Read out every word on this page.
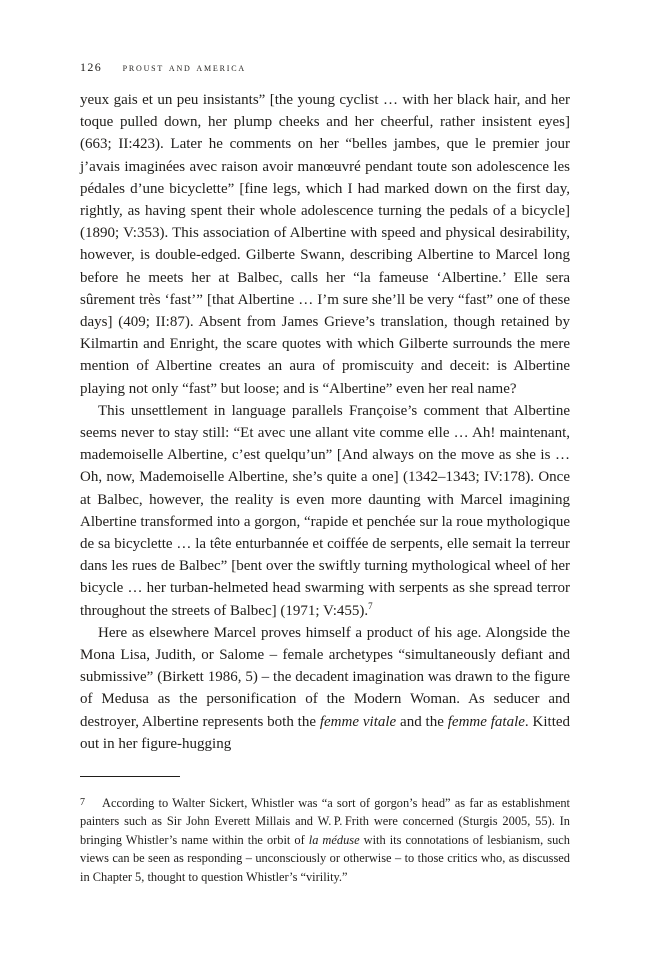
126 proust and america

yeux gais et un peu insistants” [the young cyclist … with her black hair, and her toque pulled down, her plump cheeks and her cheerful, rather insistent eyes] (663; II:423). Later he comments on her “belles jambes, que le premier jour j’avais imaginées avec raison avoir manœuvré pendant toute son adolescence les pédales d’une bicyclette” [fine legs, which I had marked down on the first day, rightly, as having spent their whole adolescence turning the pedals of a bicycle] (1890; V:353). This association of Albertine with speed and physical desirability, however, is double-edged. Gilberte Swann, describing Albertine to Marcel long before he meets her at Balbec, calls her “la fameuse ‘Albertine.’ Elle sera sûrement très ‘fast’” [that Albertine … I’m sure she’ll be very “fast” one of these days] (409; II:87). Absent from James Grieve’s translation, though retained by Kilmartin and Enright, the scare quotes with which Gilberte surrounds the mere mention of Albertine creates an aura of promiscuity and deceit: is Albertine playing not only “fast” but loose; and is “Albertine” even her real name?

This unsettlement in language parallels Françoise’s comment that Albertine seems never to stay still: “Et avec une allant vite comme elle … Ah! maintenant, mademoiselle Albertine, c’est quelqu’un” [And always on the move as she is … Oh, now, Mademoiselle Albertine, she’s quite a one] (1342–1343; IV:178). Once at Balbec, however, the reality is even more daunting with Marcel imagining Albertine transformed into a gorgon, “rapide et penchée sur la roue mythologique de sa bicyclette … la tête enturbannée et coiffée de serpents, elle semait la terreur dans les rues de Balbec” [bent over the swiftly turning mythological wheel of her bicycle … her turban-helmeted head swarming with serpents as she spread terror throughout the streets of Balbec] (1971; V:455).$^7$

Here as elsewhere Marcel proves himself a product of his age. Alongside the Mona Lisa, Judith, or Salome – female archetypes “simultaneously defiant and submissive” (Birkett 1986, 5) – the decadent imagination was drawn to the figure of Medusa as the personification of the Modern Woman. As seducer and destroyer, Albertine represents both the femme vitale and the femme fatale. Kitted out in her figure-hugging

7 According to Walter Sickert, Whistler was “a sort of gorgon’s head” as far as establishment painters such as Sir John Everett Millais and W. P. Frith were concerned (Sturgis 2005, 55). In bringing Whistler’s name within the orbit of la méduse with its connotations of lesbianism, such views can be seen as responding – unconsciously or otherwise – to those critics who, as discussed in Chapter 5, thought to question Whistler’s “virility.”
